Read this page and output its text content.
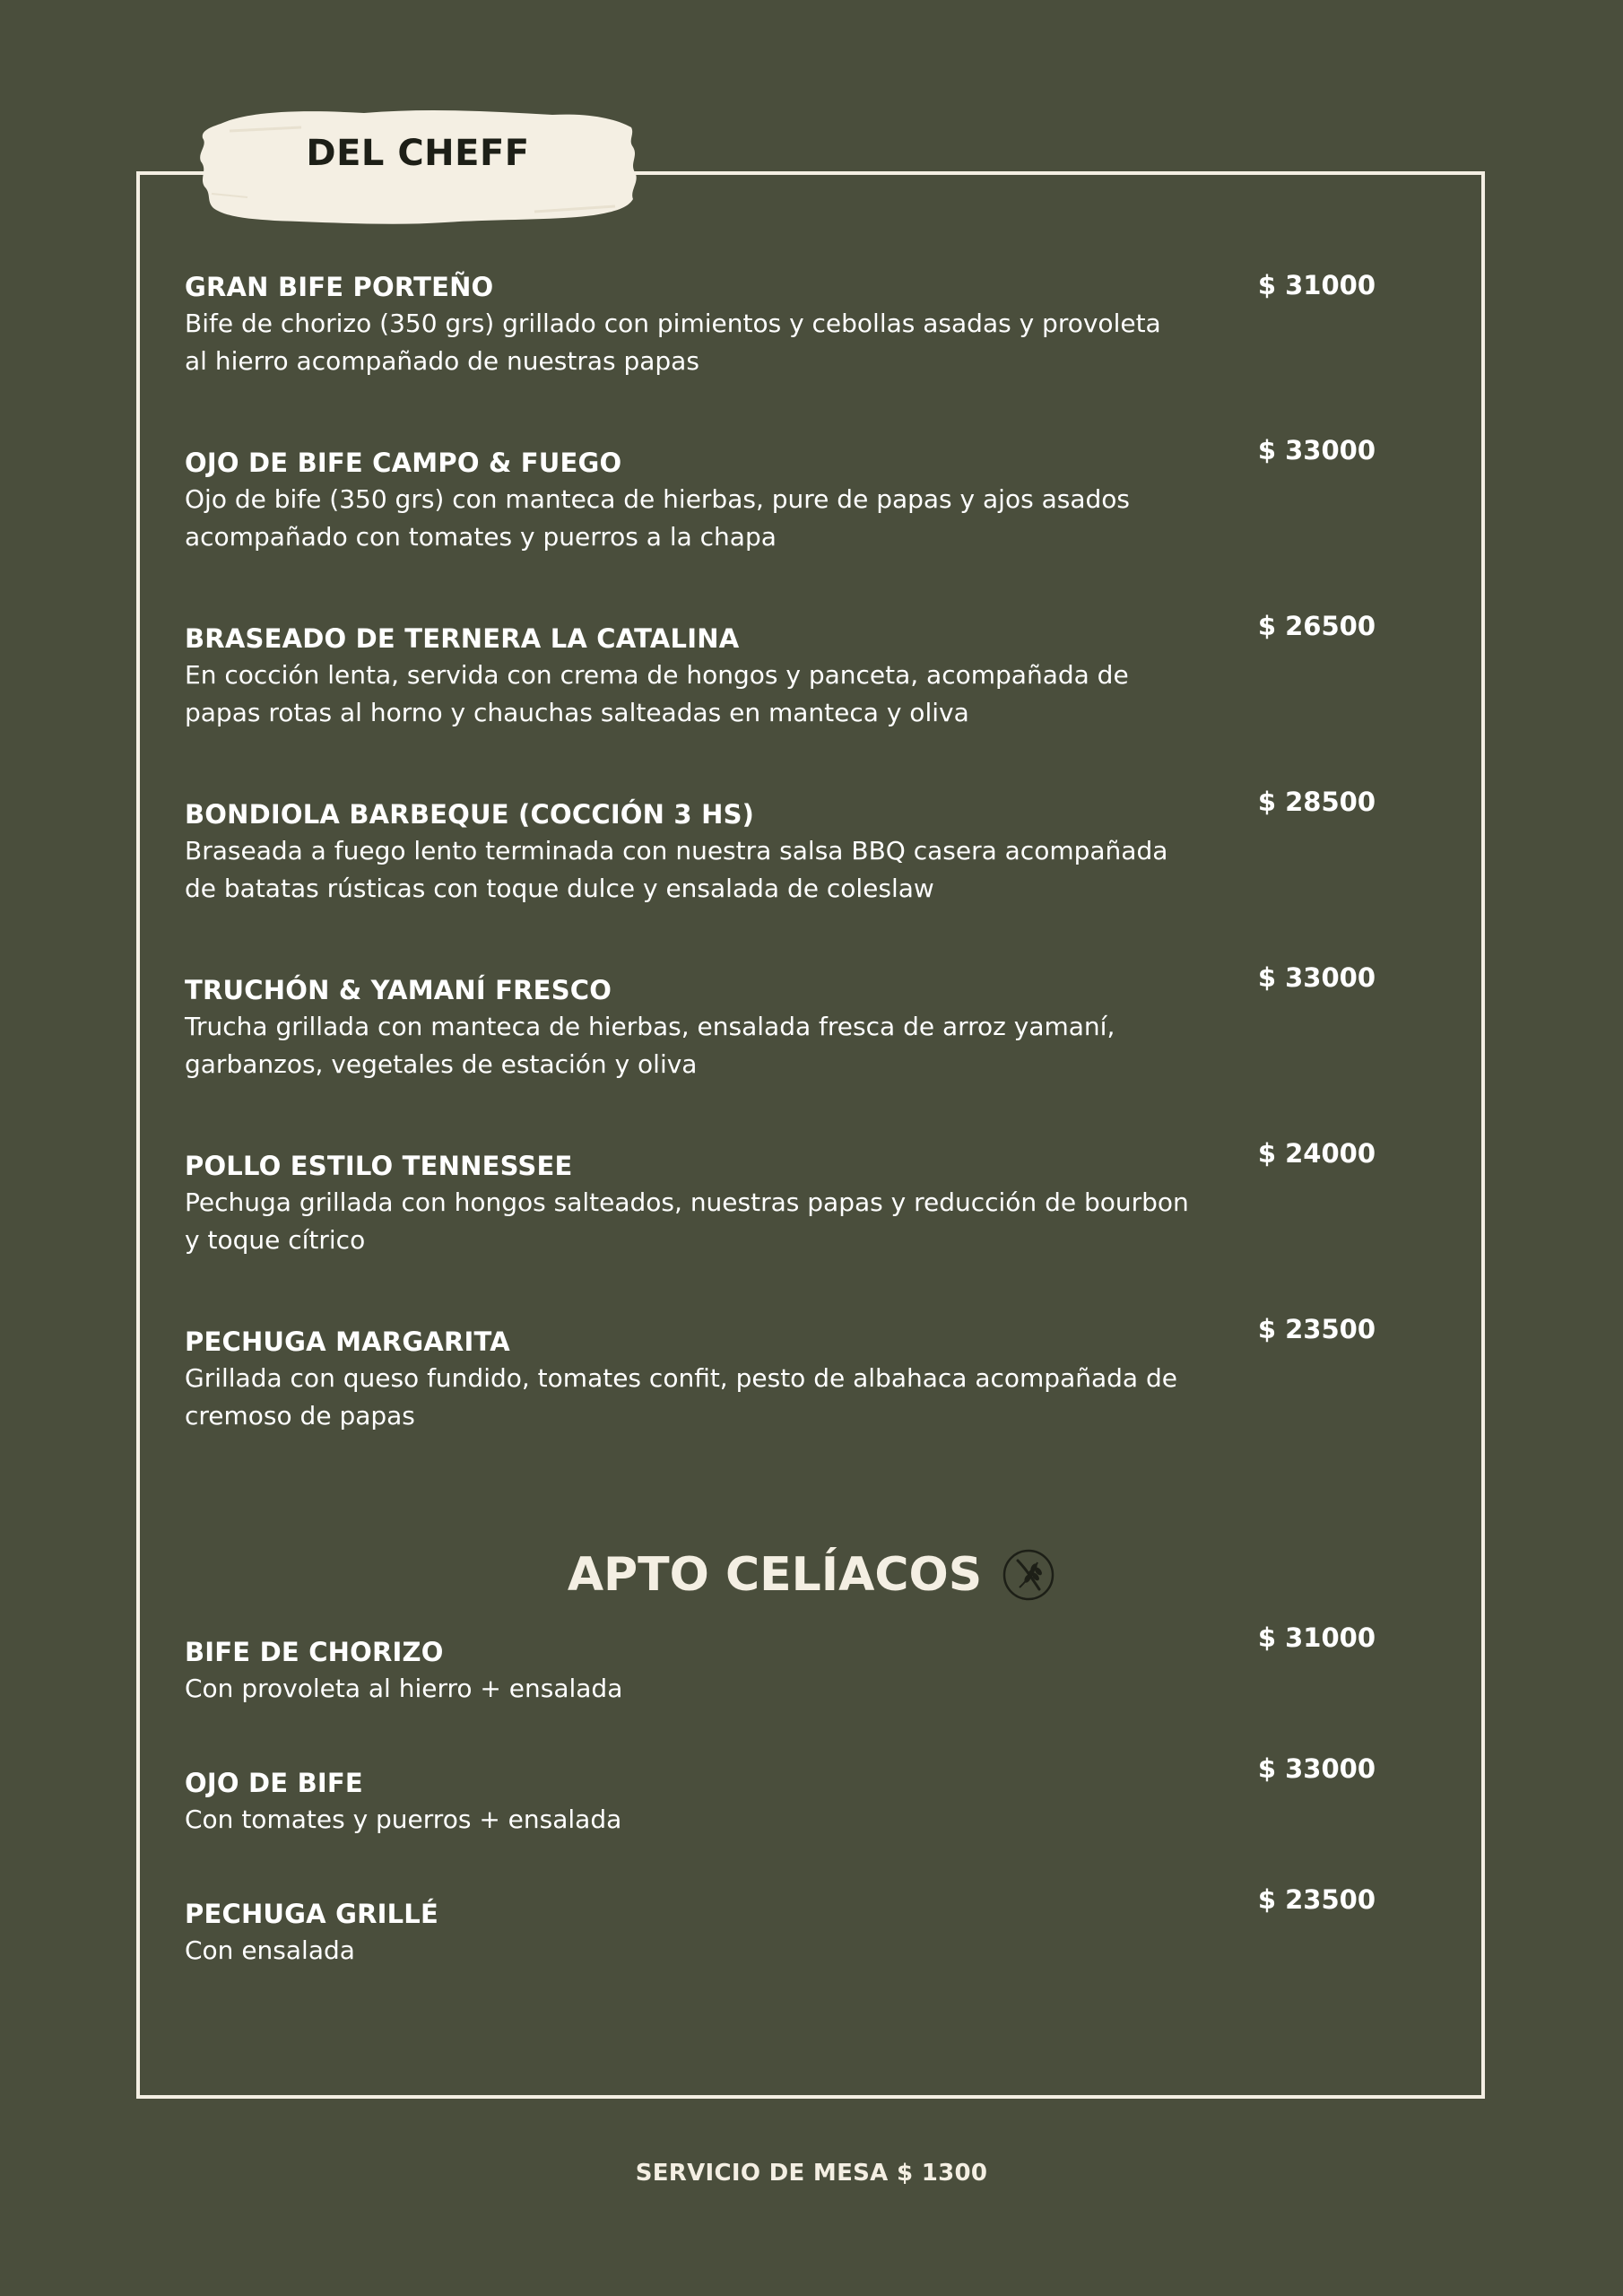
DEL CHEFF
GRAN BIFE PORTEÑO
Bife de chorizo (350 grs) grillado con pimientos y cebollas asadas y provoleta al hierro acompañado de nuestras papas
$ 31000
OJO DE BIFE CAMPO & FUEGO
Ojo de bife (350 grs) con manteca de hierbas, pure de papas y ajos asados acompañado con tomates y puerros a la chapa
$ 33000
BRASEADO DE TERNERA LA CATALINA
En cocción lenta, servida con crema de hongos y panceta, acompañada de papas rotas al horno y chauchas salteadas en manteca y oliva
$ 26500
BONDIOLA BARBEQUE (COCCIÓN 3 HS)
Braseada a fuego lento terminada con nuestra salsa BBQ casera acompañada de batatas rústicas con toque dulce y ensalada de coleslaw
$ 28500
TRUCHÓN & YAMANÍ FRESCO
Trucha grillada con manteca de hierbas, ensalada fresca de arroz yamaní, garbanzos, vegetales de estación y oliva
$ 33000
POLLO ESTILO TENNESSEE
Pechuga grillada con hongos salteados, nuestras papas y reducción de bourbon y toque cítrico
$ 24000
PECHUGA MARGARITA
Grillada con queso fundido, tomates confit, pesto de albahaca acompañada de cremoso de papas
$ 23500
APTO CELÍACOS
BIFE DE CHORIZO
Con provoleta al hierro + ensalada
$ 31000
OJO DE BIFE
Con tomates y puerros + ensalada
$ 33000
PECHUGA GRILLÉ
Con ensalada
$ 23500
SERVICIO DE MESA $ 1300
